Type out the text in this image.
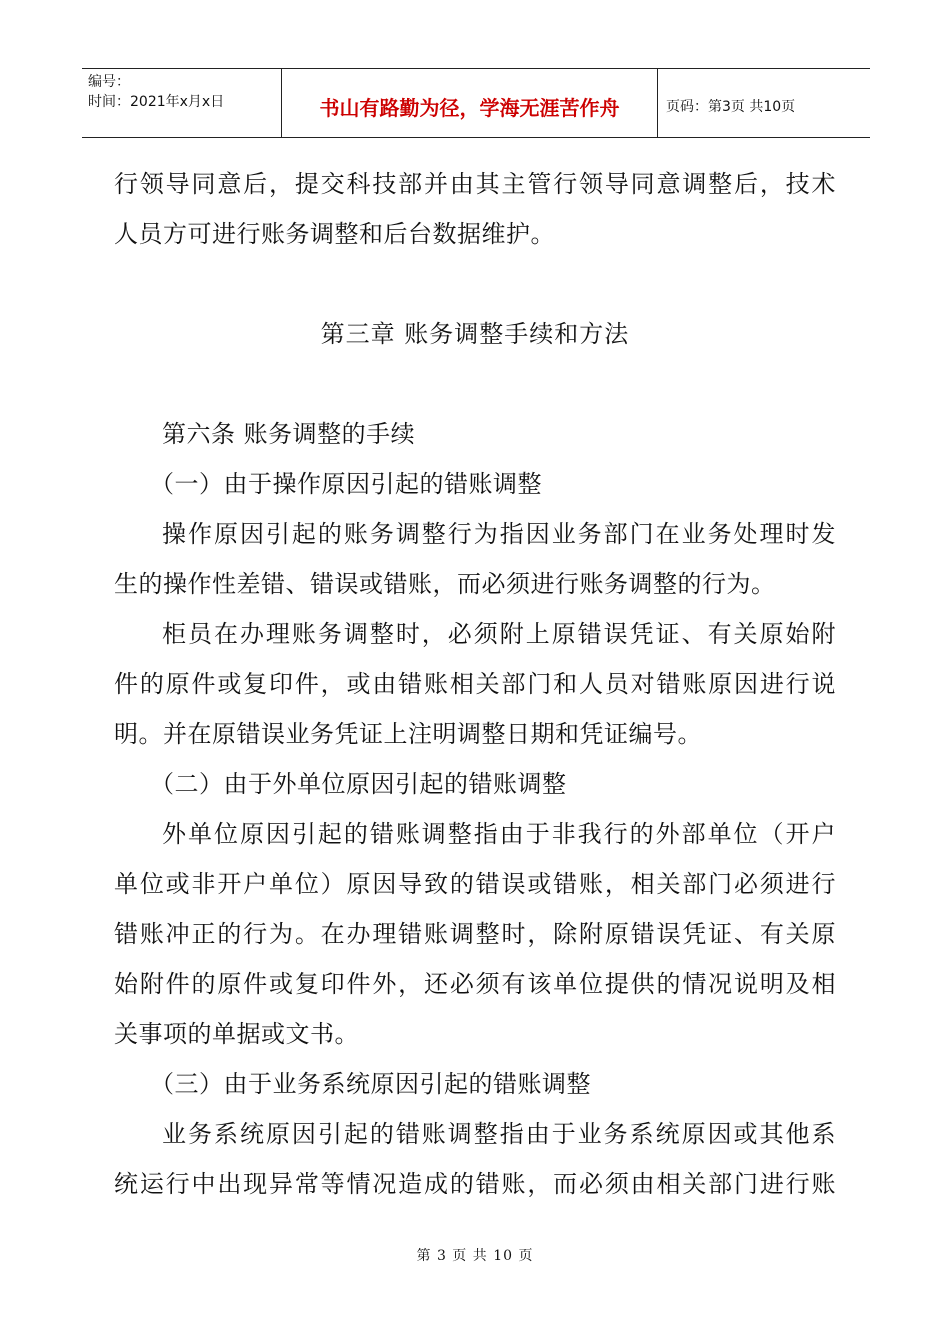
编号：
时间：2021年x月x日	书山有路勤为径，学海无涯苦作舟	页码：第3页 共10页
行领导同意后，提交科技部并由其主管行领导同意调整后，技术
人员方可进行账务调整和后台数据维护。
第三章 账务调整手续和方法
第六条 账务调整的手续
（一）由于操作原因引起的错账调整
操作原因引起的账务调整行为指因业务部门在业务处理时发
生的操作性差错、错误或错账，而必须进行账务调整的行为。
柜员在办理账务调整时，必须附上原错误凭证、有关原始附
件的原件或复印件，或由错账相关部门和人员对错账原因进行说
明。并在原错误业务凭证上注明调整日期和凭证编号。
（二）由于外单位原因引起的错账调整
外单位原因引起的错账调整指由于非我行的外部单位（开户
单位或非开户单位）原因导致的错误或错账，相关部门必须进行
错账冲正的行为。在办理错账调整时，除附原错误凭证、有关原
始附件的原件或复印件外，还必须有该单位提供的情况说明及相
关事项的单据或文书。
（三）由于业务系统原因引起的错账调整
业务系统原因引起的错账调整指由于业务系统原因或其他系
统运行中出现异常等情况造成的错账，而必须由相关部门进行账
第 3 页 共 10 页
